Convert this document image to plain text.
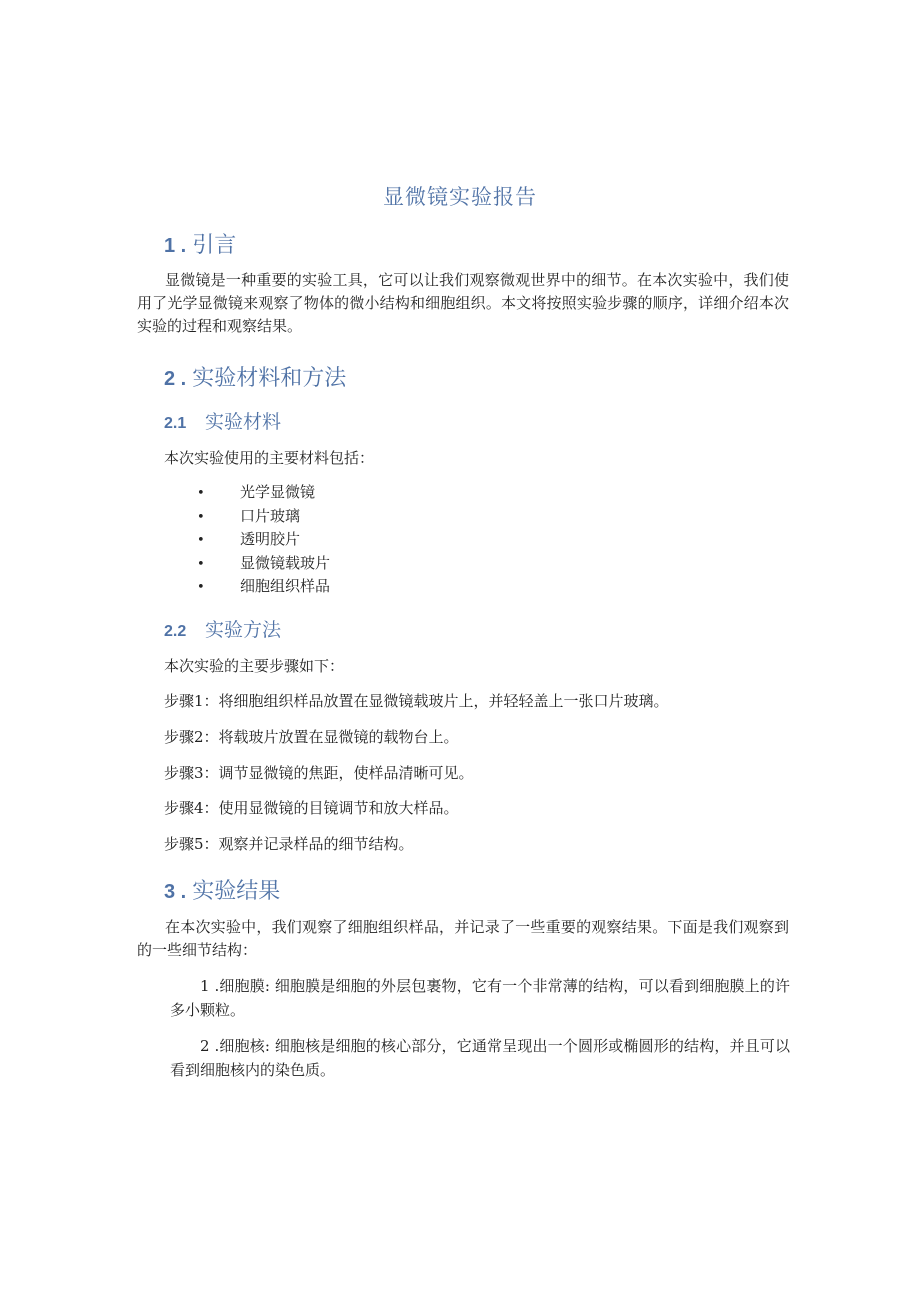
显微镜实验报告
1 . 引言

显微镜是一种重要的实验工具，它可以让我们观察微观世界中的细节。在本次实验中，我们使用了光学显微镜来观察了物体的微小结构和细胞组织。本文将按照实验步骤的顺序，详细介绍本次实验的过程和观察结果。

2 . 实验材料和方法
2.1 实验材料
本次实验使用的主要材料包括：
• 光学显微镜
• 口片玻璃
• 透明胶片
• 显微镜载玻片
• 细胞组织样品
2.2 实验方法
本次实验的主要步骤如下：
步骤1：将细胞组织样品放置在显微镜载玻片上，并轻轻盖上一张口片玻璃。
步骤2：将载玻片放置在显微镜的载物台上。
步骤3：调节显微镜的焦距，使样品清晰可见。
步骤4：使用显微镜的目镜调节和放大样品。
步骤5：观察并记录样品的细节结构。
3 . 实验结果

在本次实验中，我们观察了细胞组织样品，并记录了一些重要的观察结果。下面是我们观察到的一些细节结构：

1 .细胞膜: 细胞膜是细胞的外层包裹物，它有一个非常薄的结构，可以看到细胞膜上的许多小颗粒。

2 .细胞核: 细胞核是细胞的核心部分，它通常呈现出一个圆形或椭圆形的结构，并且可以看到细胞核内的染色质。
